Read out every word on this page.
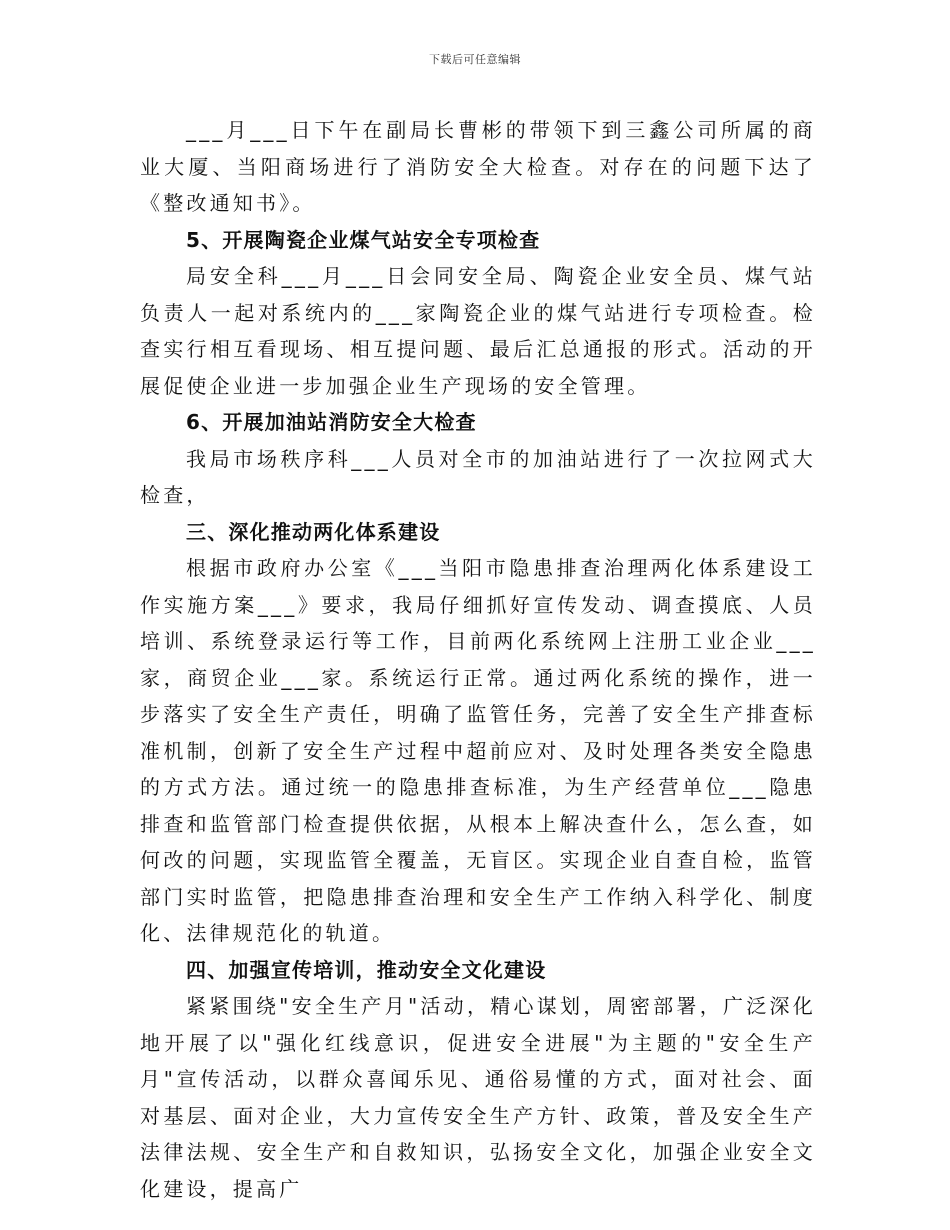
下载后可任意编辑

___月___日下午在副局长曹彬的带领下到三鑫公司所属的商业大厦、当阳商场进行了消防安全大检查。对存在的问题下达了《整改通知书》。

5、开展陶瓷企业煤气站安全专项检查

局安全科___月___日会同安全局、陶瓷企业安全员、煤气站负责人一起对系统内的___家陶瓷企业的煤气站进行专项检查。检查实行相互看现场、相互提问题、最后汇总通报的形式。活动的开展促使企业进一步加强企业生产现场的安全管理。

6、开展加油站消防安全大检查

我局市场秩序科___人员对全市的加油站进行了一次拉网式大检查，

三、深化推动两化体系建设

根据市政府办公室《___当阳市隐患排查治理两化体系建设工作实施方案___》要求，我局仔细抓好宣传发动、调查摸底、人员培训、系统登录运行等工作，目前两化系统网上注册工业企业___家，商贸企业___家。系统运行正常。通过两化系统的操作，进一步落实了安全生产责任，明确了监管任务，完善了安全生产排查标准机制，创新了安全生产过程中超前应对、及时处理各类安全隐患的方式方法。通过统一的隐患排查标准，为生产经营单位___隐患排查和监管部门检查提供依据，从根本上解决查什么，怎么查，如何改的问题，实现监管全覆盖，无盲区。实现企业自查自检，监管部门实时监管，把隐患排查治理和安全生产工作纳入科学化、制度化、法律规范化的轨道。

四、加强宣传培训，推动安全文化建设

紧紧围绕"安全生产月"活动，精心谋划，周密部署，广泛深化地开展了以"强化红线意识，促进安全进展"为主题的"安全生产月"宣传活动，以群众喜闻乐见、通俗易懂的方式，面对社会、面对基层、面对企业，大力宣传安全生产方针、政策，普及安全生产法律法规、安全生产和自救知识，弘扬安全文化，加强企业安全文化建设，提高广
